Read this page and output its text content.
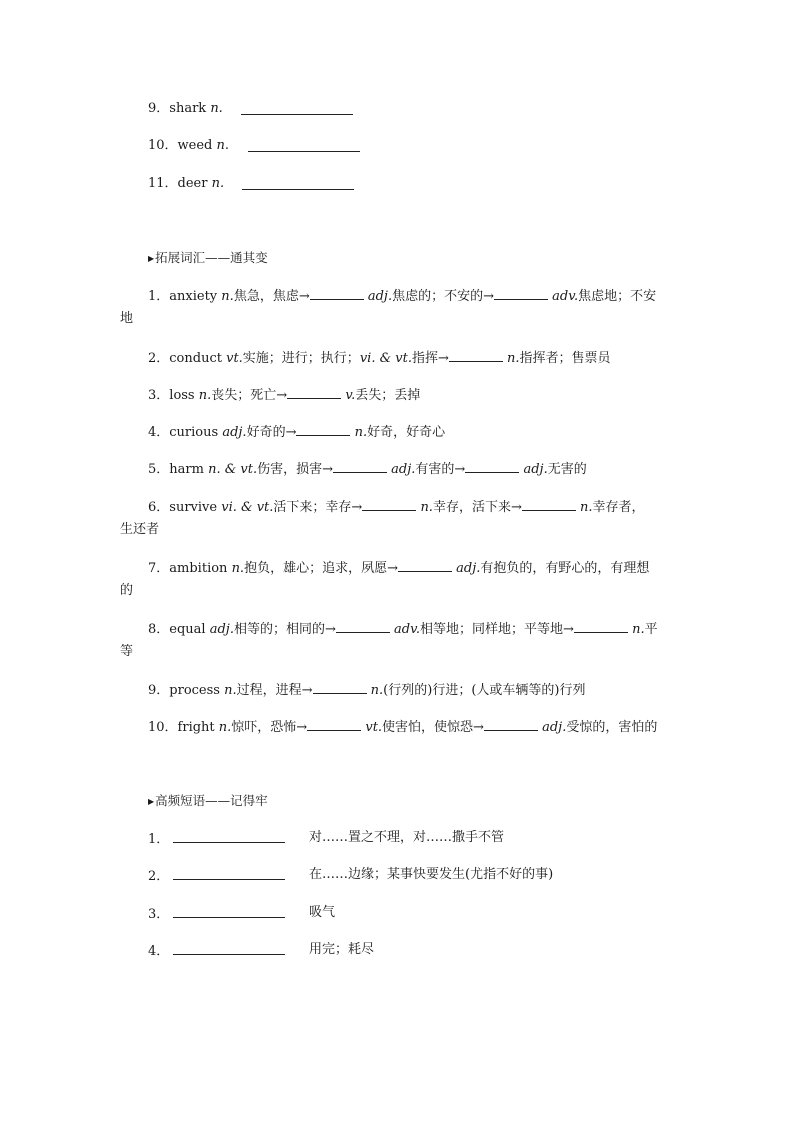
9．shark n.
10．weed n.
11．deer n.
▶拓展词汇——通其变
1．anxiety n.焦急，焦虑→	adj.焦虑的；不安的→	adv.焦虑地；不安
地
2．conduct vt.实施；进行；执行；vi. & vt.指挥→	n.指挥者；售票员
3．loss n.丧失；死亡→	v.丢失；丢掉
4．curious adj.好奇的→	n.好奇，好奇心
5．harm n. & vt.伤害，损害→	adj.有害的→	adj.无害的
6．survive vi. & vt.活下来；幸存→	n.幸存，活下来→	n.幸存者，
生还者
7．ambition n.抱负，雄心；追求，夙愿→	adj.有抱负的，有野心的，有理想
的
8．equal adj.相等的；相同的→	adv.相等地；同样地；平等地→	n.平
等
9．process n.过程，进程→	n.(行列的)行进；(人或车辆等的)行列
10．fright n.惊吓，恐怖→	vt.使害怕，使惊恐→	adj.受惊的，害怕的
▶高频短语——记得牢
1．	对……置之不理，对……撒手不管
2．	在……边缘；某事快要发生(尤指不好的事)
3．	吸气
4．	用完；耗尽
